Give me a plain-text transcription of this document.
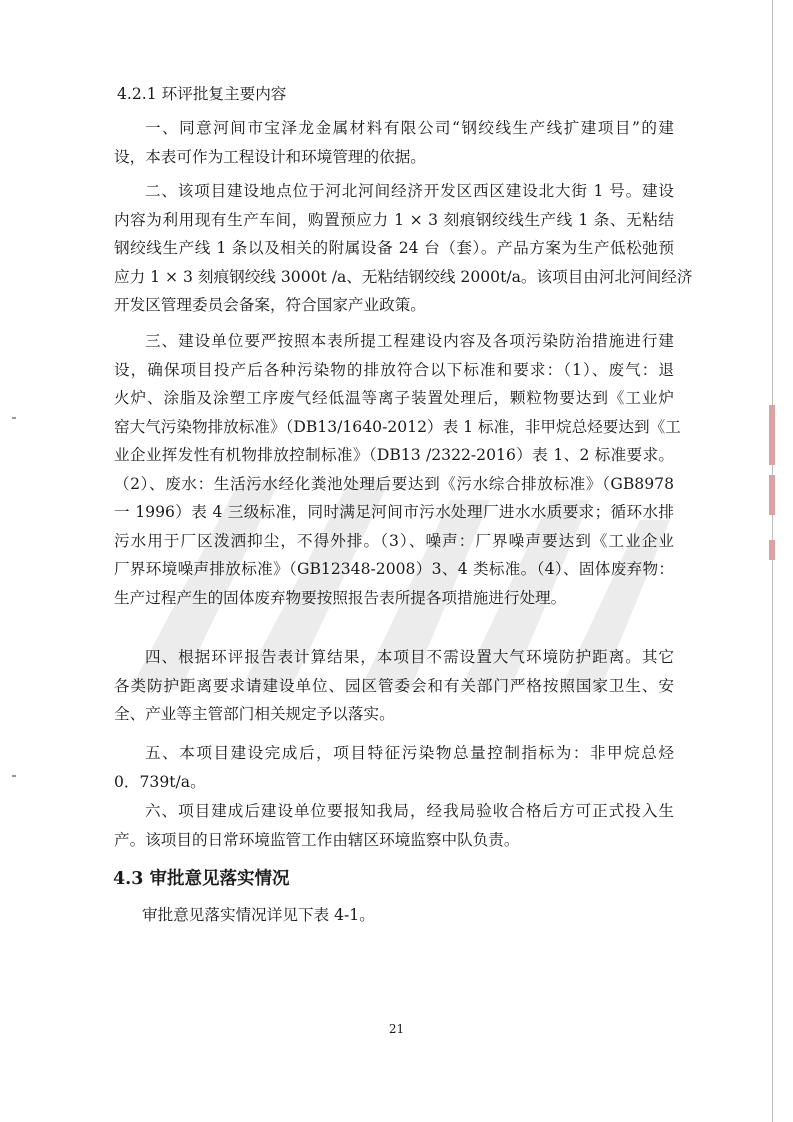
4.2.1 环评批复主要内容
一、同意河间市宝泽龙金属材料有限公司“钢绞线生产线扩建项目”的建
设，本表可作为工程设计和环境管理的依据。
二、该项目建设地点位于河北河间经济开发区西区建设北大街 1 号。建设
内容为利用现有生产车间，购置预应力 1 × 3 刻痕钢绞线生产线 1 条、无粘结
钢绞线生产线 1 条以及相关的附属设备 24 台（套）。产品方案为生产低松弛预
应力 1 × 3 刻痕钢绞线 3000t /a、无粘结钢绞线 2000t/a。该项目由河北河间经济
开发区管理委员会备案，符合国家产业政策。
三、建设单位要严按照本表所提工程建设内容及各项污染防治措施进行建
设，确保项目投产后各种污染物的排放符合以下标准和要求：（1）、废气：退
火炉、涂脂及涂塑工序废气经低温等离子装置处理后，颗粒物要达到《工业炉
窑大气污染物排放标准》（DB13/1640-2012）表 1 标准，非甲烷总烃要达到《工
业企业挥发性有机物排放控制标准》（DB13 /2322-2016）表 1、2 标准要求。
（2）、废水：生活污水经化粪池处理后要达到《污水综合排放标准》（GB8978
一 1996）表 4 三级标准，同时满足河间市污水处理厂进水水质要求；循环水排
污水用于厂区泼洒抑尘，不得外排。（3）、噪声：厂界噪声要达到《工业企业
厂界环境噪声排放标准》（GB12348-2008）3、4 类标准。（4）、固体废弃物：
生产过程产生的固体废弃物要按照报告表所提各项措施进行处理。
四、根据环评报告表计算结果，本项目不需设置大气环境防护距离。其它
各类防护距离要求请建设单位、园区管委会和有关部门严格按照国家卫生、安
全、产业等主管部门相关规定予以落实。
五、本项目建设完成后，项目特征污染物总量控制指标为：非甲烷总烃
0．739t/a。
六、项目建成后建设单位要报知我局，经我局验收合格后方可正式投入生
产。该项目的日常环境监管工作由辖区环境监察中队负责。
4.3 审批意见落实情况
审批意见落实情况详见下表 4-1。
21
